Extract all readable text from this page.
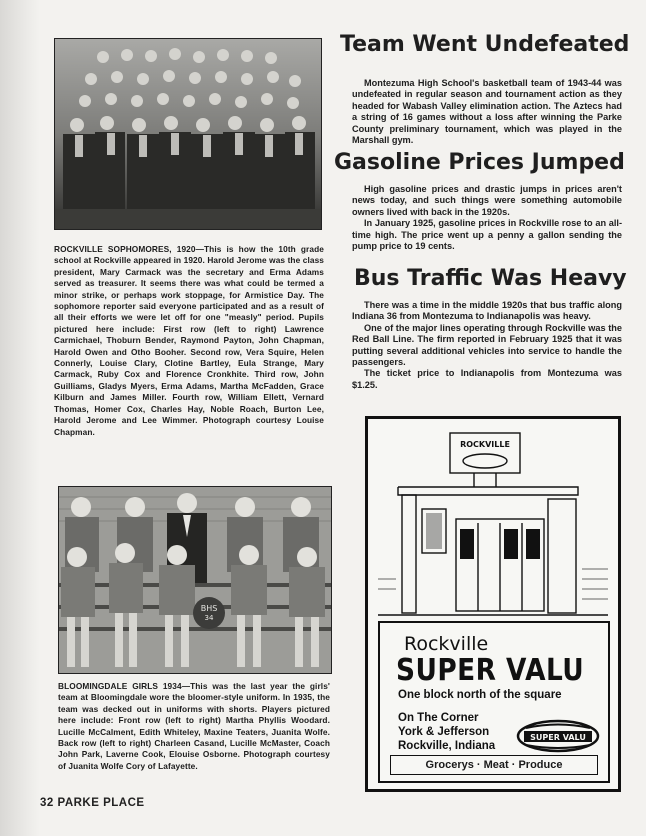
ROCKVILLE SOPHOMORES, 1920—This is how the 10th grade school at Rockville appeared in 1920. Harold Jerome was the class president, Mary Carmack was the secretary and Erma Adams served as treasurer. It seems there was what could be termed a minor strike, or perhaps work stoppage, for Armistice Day. The sophomore reporter said everyone participated and as a result of all their efforts we were let off for one "measly" period. Pupils pictured here include: First row (left to right) Lawrence Carmichael, Thoburn Bender, Raymond Payton, John Chapman, Harold Owen and Otho Booher. Second row, Vera Squire, Helen Connerly, Louise Clary, Clotine Bartley, Eula Strange, Mary Carmack, Ruby Cox and Florence Cronkhite. Third row, John Guilliams, Gladys Myers, Erma Adams, Martha McFadden, Grace Kilburn and James Miller. Fourth row, William Ellett, Vernard Thomas, Homer Cox, Charles Hay, Noble Roach, Burton Lee, Harold Jerome and Lee Wimmer. Photograph courtesy Louise Chapman.
BHS
34
BLOOMINGDALE GIRLS 1934—This was the last year the girls' team at Bloomingdale wore the bloomer-style uniform. In 1935, the team was decked out in uniforms with shorts. Players pictured here include: Front row (left to right) Martha Phyllis Woodard. Lucille McCalment, Edith Whiteley, Maxine Teaters, Juanita Wolfe. Back row (left to right) Charleen Casand, Lucille McMaster, Coach John Park, Laverne Cook, Elouise Osborne. Photograph courtesy of Juanita Wolfe Cory of Lafayette.
Team Went Undefeated

Montezuma High School's basketball team of 1943-44 was undefeated in regular season and tournament action as they headed for Wabash Valley elimination action. The Aztecs had a string of 16 games without a loss after winning the Parke County preliminary tournament, which was played in the Marshall gym.

Gasoline Prices Jumped

High gasoline prices and drastic jumps in prices aren't news today, and such things were something automobile owners lived with back in the 1920s.

In January 1925, gasoline prices in Rockville rose to an all-time high. The price went up a penny a gallon sending the pump price to 19 cents.

Bus Traffic Was Heavy

There was a time in the middle 1920s that bus traffic along Indiana 36 from Montezuma to Indianapolis was heavy.

One of the major lines operating through Rockville was the Red Ball Line. The firm reported in February 1925 that it was putting several additional vehicles into service to handle the passengers.

The ticket price to Indianapolis from Montezuma was $1.25.

ROCKVILLE
Rockville
SUPER VALU
One block north of the square
On The Corner
York & Jefferson
Rockville, Indiana
SUPER VALU
Grocerys · Meat · Produce
32 PARKE PLACE
